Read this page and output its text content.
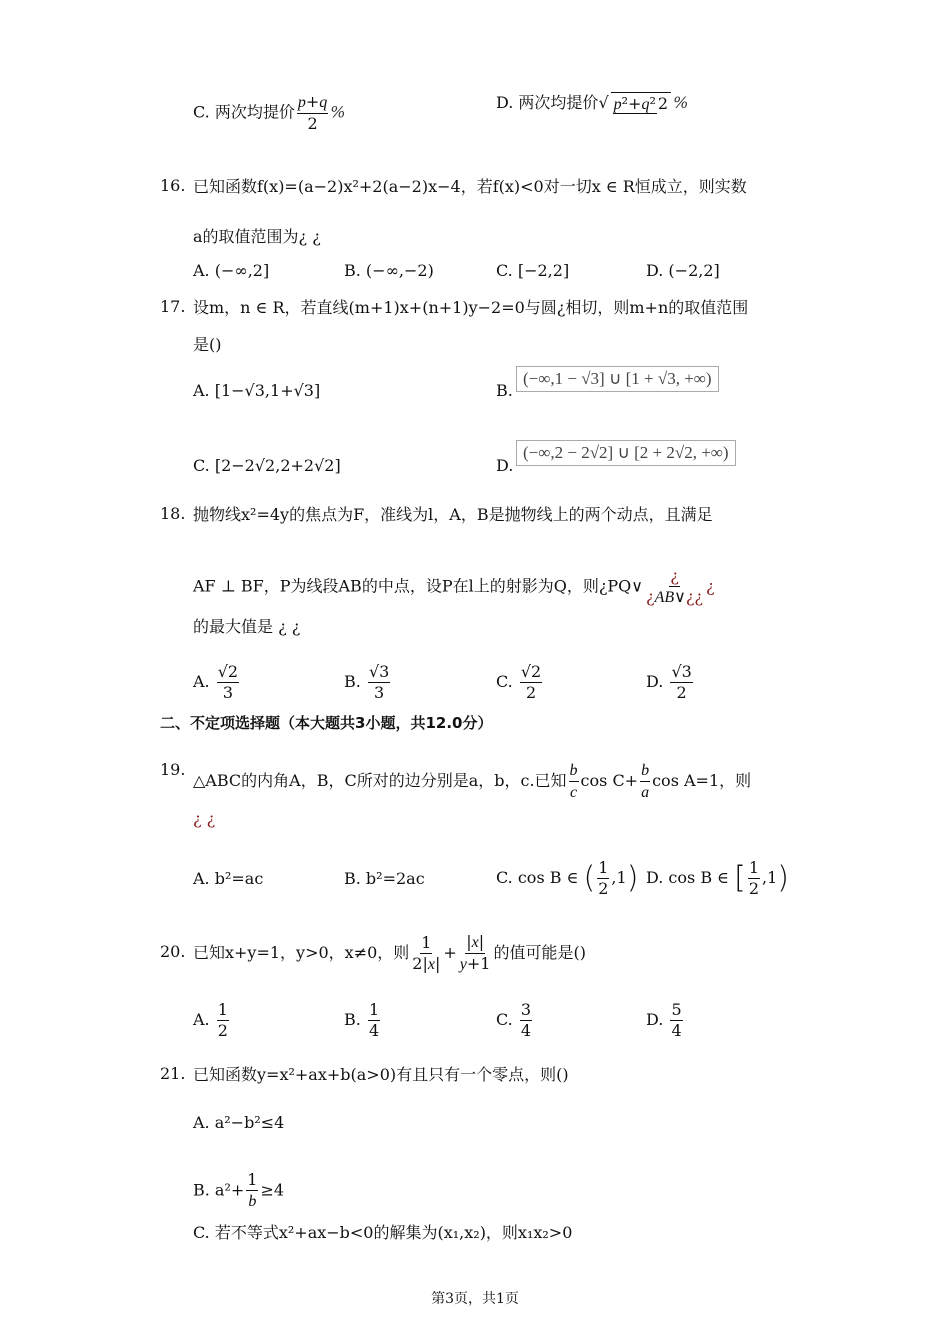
C. 两次均提价 $\frac{p+q}{2}$ %	D. 两次均提价√ p²+q² 2 %
16. 已知函数f(x)=(a−2)x²+2(a−2)x−4，若f(x)<0对一切x ∈ R恒成立，则实数
a的取值范围为¿ ¿
A. (−∞,2]	B. (−∞,−2)	C. [−2,2]	D. (−2,2]
17. 设m，n ∈ R，若直线(m+1)x+(n+1)y−2=0与圆¿相切，则m+n的取值范围
是()
A. [1−√3,1+√3]	B.
(−∞,1 − √3] ∪ [1 + √3, +∞)
C. [2−2√2,2+2√2]	D.
(−∞,2 − 2√2] ∪ [2 + 2√2, +∞)
18. 抛物线x²=4y的焦点为F，准线为l，A，B是抛物线上的两个动点，且满足
AF ⊥ BF，P为线段AB的中点，设P在l上的射影为Q，则¿PQ∨ $\frac{¿}{¿AB\vee¿¿}$ ¿
的最大值是 ¿ ¿
A. $\frac{√2}{3}$	B. $\frac{√3}{3}$	C. $\frac{√2}{2}$	D. $\frac{√3}{2}$
二、不定项选择题（本大题共3小题，共12.0分）
19.
△ABC的内角A，B，C所对的边分别是a，b，c.已知 $\frac{b}{c}$ $\cos C+ \frac{b}{a}$ cos A=1，则
¿ ¿
A. b²=ac	B. b²=2ac	C. cos B ∈ ( $\frac{1}{2} ,1$) D. cos B ∈ [ $\frac{1}{2} ,1$)
20. 已知x+y=1，y>0，x≠0，则 $\frac{1}{2|x|} + \frac{|x|}{y+1}$ 的值可能是()
A. $\frac{1}{2}$	B. $\frac{1}{4}$	C. $\frac{3}{4}$	D. $\frac{5}{4}$
21. 已知函数y=x²+ax+b(a>0)有且只有一个零点，则()
A. a²−b²≤4
B. $a^2+ \frac{1}{b} \ge 4$
C. 若不等式x²+ax−b<0的解集为(x₁,x₂)，则x₁x₂>0
第3页，共1页
